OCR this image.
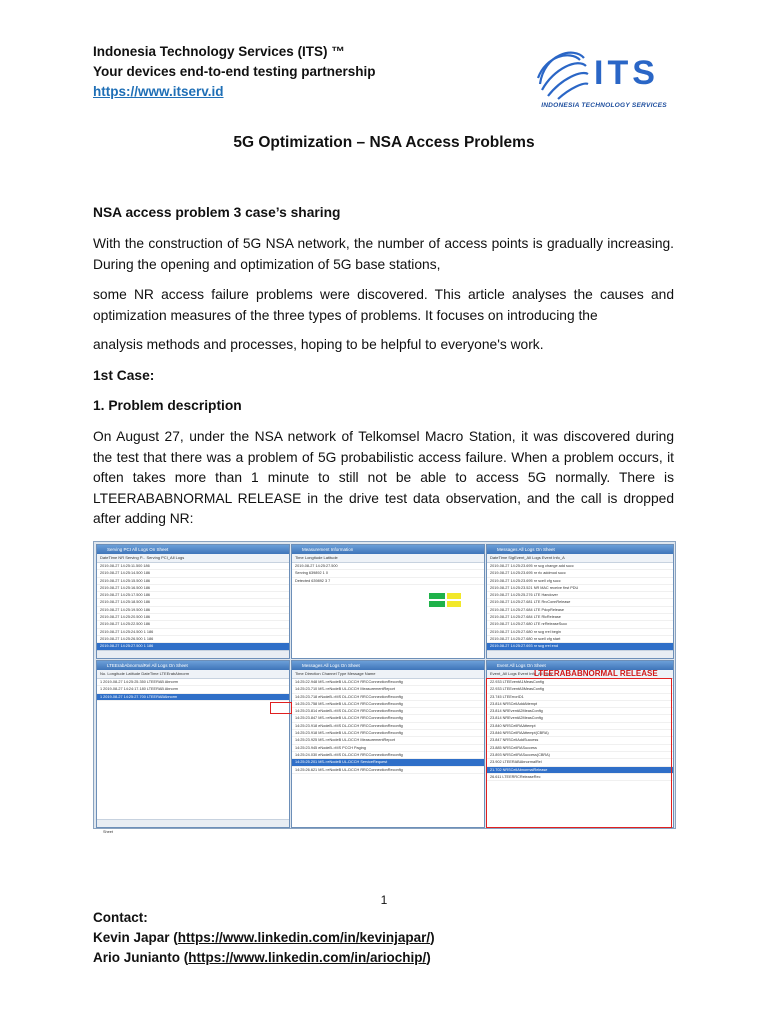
Indonesia Technology Services (ITS) ™
Your devices end-to-end testing partnership
https://www.itserv.id	ITS
INDONESIA TECHNOLOGY SERVICES
5G Optimization – NSA Access Problems

NSA access problem 3 case’s sharing

With the construction of 5G NSA network, the number of access points is gradually increasing. During the opening and optimization of 5G base stations,

some NR access failure problems were discovered. This article analyses the causes and optimization measures of the three types of problems. It focuses on introducing the

analysis methods and processes, hoping to be helpful to everyone's work.

1st Case:

1. Problem description

On August 27, under the NSA network of Telkomsel Macro Station, it was discovered during the test that there was a problem of 5G probabilistic access failure. When a problem occurs, it often takes more than 1 minute to still not be able to access 5G normally. There is LTEERABABNORMAL RELEASE in the drive test data observation, and the call is dropped after adding NR:

Serving PCI All Logs On Sheet
DateTime NR Serving P... Serving PCI_All Logs
2019-08-27 14:25:11.500 186
2019-08-27 14:25:14.500 186
2019-08-27 14:25:15.500 186
2019-08-27 14:25:16.500 186
2019-08-27 14:25:17.500 186
2019-08-27 14:25:18.500 186
2019-08-27 14:25:19.500 186
2019-08-27 14:25:20.500 186
2019-08-27 14:25:22.500 186
2019-08-27 14:25:24.500 1 186
2019-08-27 14:25:26.500 1 186
2019-08-27 14:25:27.500 1 186
Measurement Information
Time Longitude Latitude
2019-08-27 14:25:27.500
Serving 639892 1 0
Detected 639892 3 7
Messages All Logs On Sheet
DateTime SigEvent_All Logs Event Info_A
2019-08-27 14:25:23.695 nr scg change add succ
2019-08-27 14:25:23.695 nr rlc addmod succ
2019-08-27 14:25:23.695 nr scell cfg succ
2019-08-27 14:25:23.521 NR MAC receive first PDU
2019-08-27 14:25:25.276 LTE Handover
2019-08-27 14:25:27.681 LTE RrcConnRelease
2019-08-27 14:25:27.684 LTE PdcpRelease
2019-08-27 14:25:27.684 LTE RlcRelease
2019-08-27 14:25:27.680 LTE nrReleaseSucc
2019-08-27 14:25:27.680 nr scg rrel begin
2019-08-27 14:25:27.680 nr scell cfg start
2019-08-27 14:25:27.693 nr scg rrel end
LTEErabAbnormalRel All Logs On Sheet
No. Longitude Latitude DateTime LTEErabAbnorm
1 2019-08-27 14:25:25.350 LTEERAB Abnorm
1 2019-08-27 14:24:17.180 LTEERAB Abnorm
1 2019-08-27 14:25:27.700 LTEERABAbnorm
Sheet
Messages All Logs On Sheet
Time Direction Channel Type Message Name
14:25:22.948 MS->eNodeB UL-DCCH RRCConnectionReconfig
14:25:23.710 MS->eNodeB UL-DCCH MeasurementReport
14:25:23.718 eNodeB->MS DL-DCCH RRCConnectionReconfig
14:25:23.758 MS->eNodeB UL-DCCH RRCConnectionReconfig
14:25:23.814 eNodeB->MS DL-DCCH RRCConnectionReconfig
14:25:23.847 MS->eNodeB UL-DCCH RRCConnectionReconfig
14:25:23.918 eNodeB->MS DL-DCCH RRCConnectionReconfig
14:25:23.918 MS->eNodeB UL-DCCH RRCConnectionReconfig
14:25:23.925 MS->eNodeB UL-DCCH MeasurementReport
14:25:23.945 eNodeB->MS PCCH Paging
14:25:24.030 eNodeB->MS DL-DCCH RRCConnectionReconfig
14:25:25.201 MS->eNodeB UL-DCCH ServiceRequest
14:25:26.621 MS->eNodeB UL-DCCH RRCConnectionReconfig
Event All Logs On Sheet
Event_All Logs Event Info_All Logs
22.933 LTEEventA1MeasConfig
22.933 LTEEventA5MeasConfig
23.745 LTEErrorID1
23.814 NRSCellAddAttempt
23.814 NREventA2MeasConfig
23.814 NREventA2MeasConfig
23.840 NRSCellRAAttempt
23.846 NRSCellRAAttempt(CBRA)
23.847 NRSCellAddSuccess
23.885 NRSCellRASuccess
23.893 NRSCellRASuccess(CBRA)
23.902 LTEERABAbnormalRel
21.702 NRSCellAbnormalRelease
26.611 LTEERRCReleaseRec
LTEERABABNORMAL RELEASE
1
Contact:
Kevin Japar (https://www.linkedin.com/in/kevinjapar/)
Ario Junianto (https://www.linkedin.com/in/ariochip/)
